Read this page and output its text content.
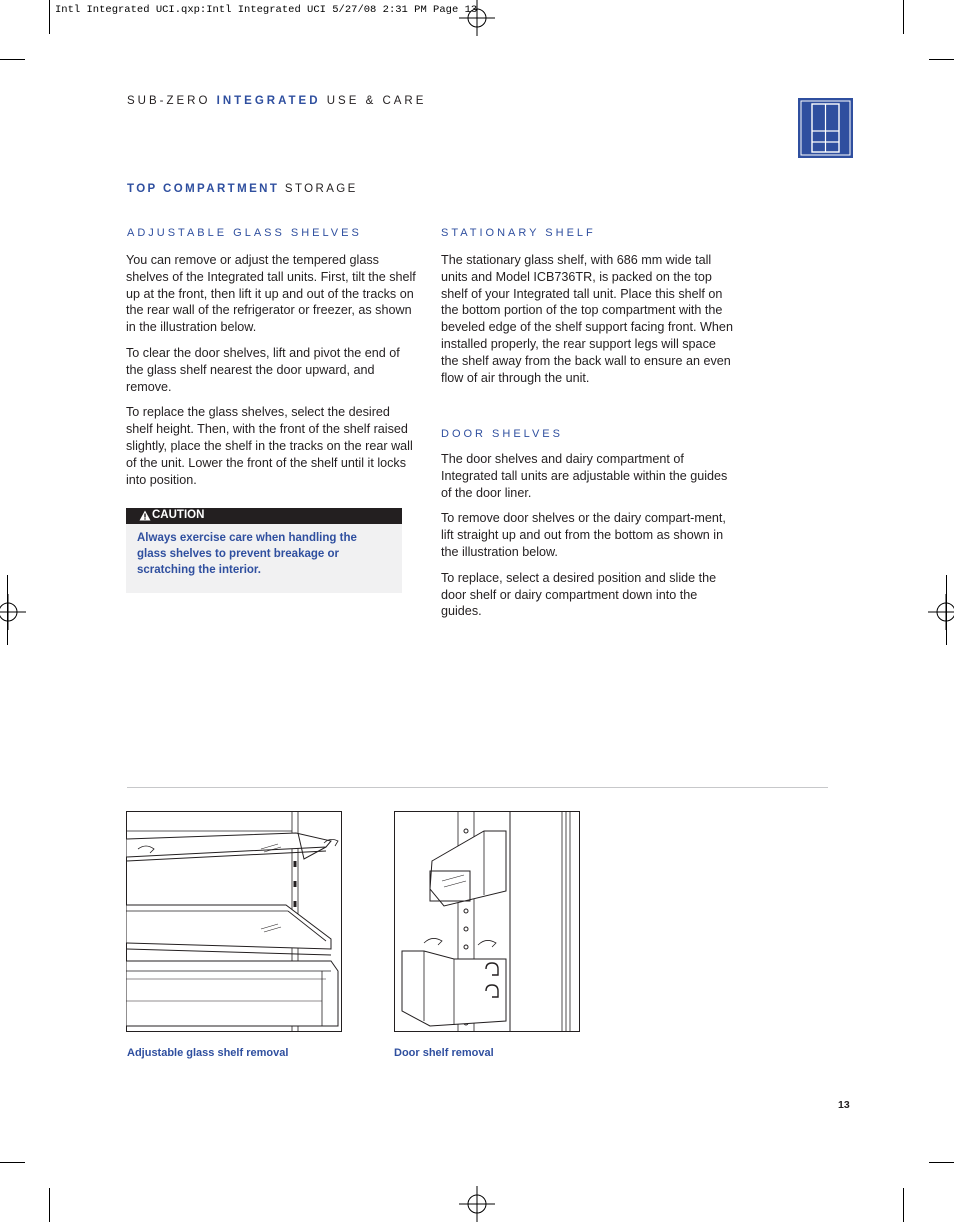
Intl Integrated UCI.qxp:Intl Integrated UCI 5/27/08 2:31 PM Page 13
SUB-ZERO INTEGRATED USE & CARE
TOP COMPARTMENT STORAGE
ADJUSTABLE GLASS SHELVES

You can remove or adjust the tempered glass shelves of the Integrated tall units. First, tilt the shelf up at the front, then lift it up and out of the tracks on the rear wall of the refrigerator or freezer, as shown in the illustration below.

To clear the door shelves, lift and pivot the end of the glass shelf nearest the door upward, and remove.

To replace the glass shelves, select the desired shelf height. Then, with the front of the shelf raised slightly, place the shelf in the tracks on the rear wall of the unit. Lower the front of the shelf until it locks into position.

CAUTION
Always exercise care when handling the glass shelves to prevent breakage or scratching the interior.
STATIONARY SHELF

The stationary glass shelf, with 686 mm wide tall units and Model ICB736TR, is packed on the top shelf of your Integrated tall unit. Place this shelf on the bottom portion of the top compartment with the beveled edge of the shelf support facing front. When installed properly, the rear support legs will space the shelf away from the back wall to ensure an even flow of air through the unit.

DOOR SHELVES

The door shelves and dairy compartment of Integrated tall units are adjustable within the guides of the door liner.

To remove door shelves or the dairy compart-ment, lift straight up and out from the bottom as shown in the illustration below.

To replace, select a desired position and slide the door shelf or dairy compartment down into the guides.

Adjustable glass shelf removal	Door shelf removal
13
